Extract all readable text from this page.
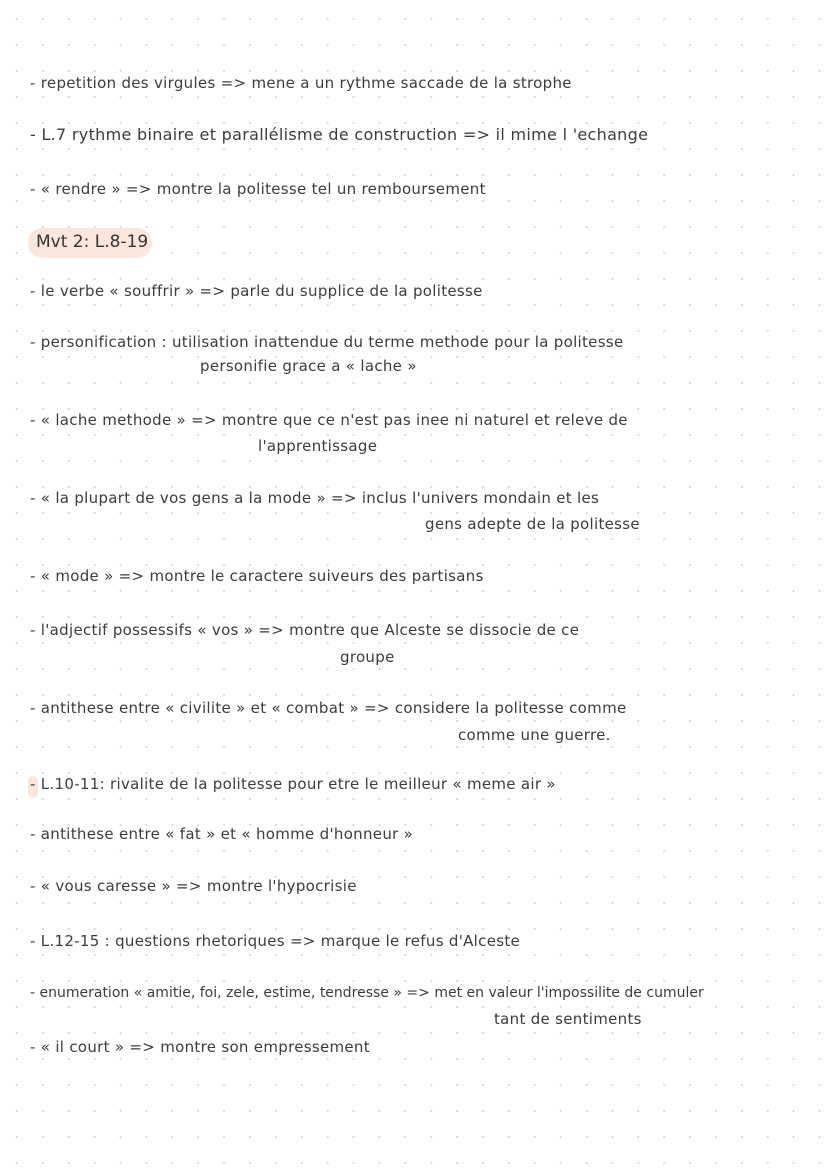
Mvt 2: L.8-19
- repetition des virgules => mene a un rythme saccade de la strophe
- L.7 rythme binaire et parallélisme de construction => il mime l 'echange
- « rendre » => montre la politesse tel un remboursement
- le verbe « souffrir » => parle du supplice de la politesse
- personification : utilisation inattendue du terme methode pour la politesse
personifie grace a « lache »
- « lache methode » => montre que ce n'est pas inee ni naturel et releve de
l'apprentissage
- « la plupart de vos gens a la mode » => inclus l'univers mondain et les
gens adepte de la politesse
- « mode » => montre le caractere suiveurs des partisans
- l'adjectif possessifs « vos » => montre que Alceste se dissocie de ce
groupe
- antithese entre « civilite » et « combat » => considere la politesse comme
comme une guerre.
- L.10-11: rivalite de la politesse pour etre le meilleur « meme air »
- antithese entre « fat » et « homme d'honneur »
- « vous caresse » => montre l'hypocrisie
- L.12-15 : questions rhetoriques => marque le refus d'Alceste
- enumeration « amitie, foi, zele, estime, tendresse » => met en valeur l'impossilite de cumuler
tant de sentiments
- « il court » => montre son empressement
